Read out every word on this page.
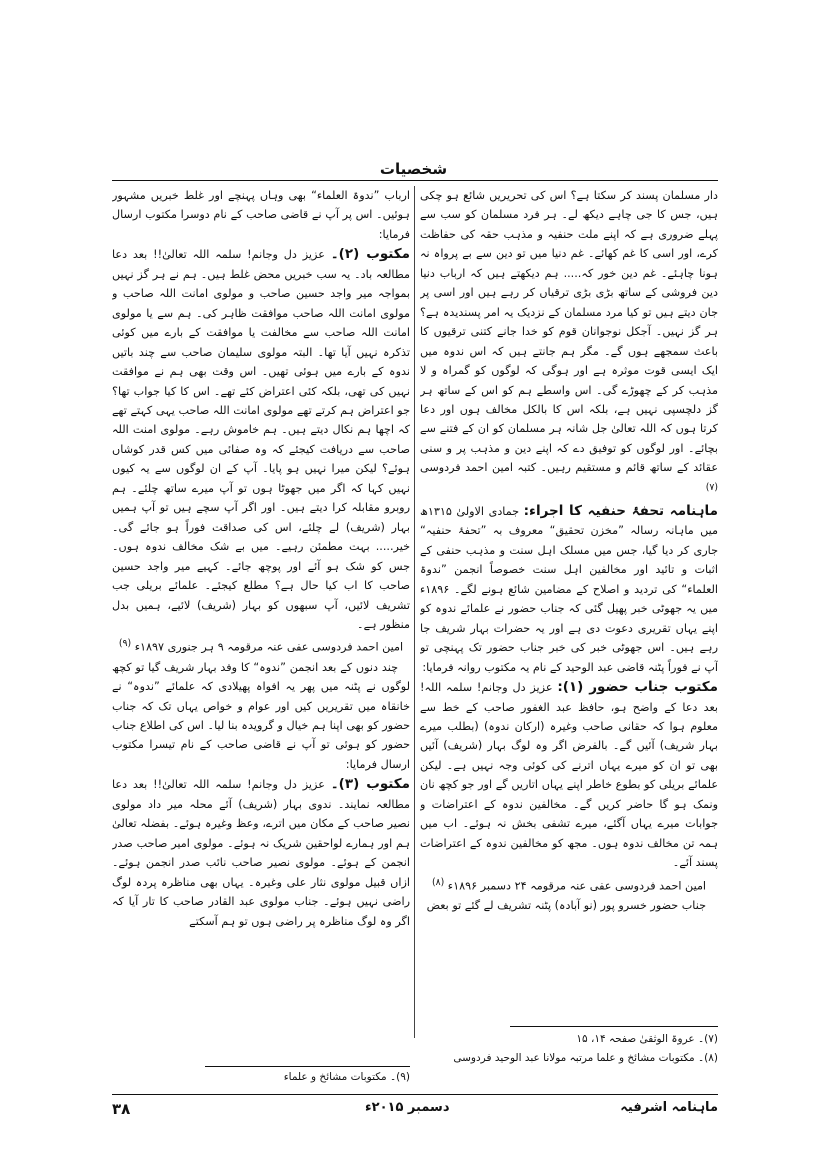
شخصیات

دار مسلمان پسند کر سکتا ہے؟ اس کی تحریریں شائع ہو چکی ہیں، جس کا جی چاہے دیکھ لے۔ ہر فرد مسلمان کو سب سے پہلے ضروری ہے کہ اپنے ملت حنفیہ و مذہب حقہ کی حفاظت کرے، اور اسی کا غم کھائے۔ غم دنیا میں تو دین سے بے پرواہ نہ ہونا چاہئے۔ غم دین خور کہ..... ہم دیکھتے ہیں کہ ارباب دنیا دین فروشی کے ساتھ بڑی بڑی ترقیاں کر رہے ہیں اور اسی پر جان دیتے ہیں تو کیا مرد مسلمان کے نزدیک یہ امر پسندیدہ ہے؟ ہر گز نہیں۔ آجکل نوجوانان قوم کو خدا جانے کتنی ترقیوں کا باعث سمجھے ہوں گے۔ مگر ہم جانتے ہیں کہ اس ندوہ میں ایک ایسی قوت موثرہ ہے اور ہوگی کہ لوگوں کو گمراہ و لا مذہب کر کے چھوڑے گی۔ اس واسطے ہم کو اس کے ساتھ ہر گز دلچسپی نہیں ہے، بلکہ اس کا بالکل مخالف ہوں اور دعا کرتا ہوں کہ اللہ تعالیٰ جل شانہ ہر مسلمان کو ان کے فتنے سے بچائے۔ اور لوگوں کو توفیق دے کہ اپنے دین و مذہب پر و سنی عقائد کے ساتھ قائم و مستقیم رہیں۔ کتبہ امین احمد فردوسی $^{(۷)}$

ماہنامہ تحفۂ حنفیہ کا اجراء: جمادی الاولیٰ ۱۳۱۵ھ میں ماہانہ رسالہ ”مخزن تحقیق“ معروف بہ ”تحفۂ حنفیہ“ جاری کر دیا گیا، جس میں مسلک اہل سنت و مذہب حنفی کے اثبات و تائید اور مخالفین اہل سنت خصوصاً انجمن ”ندوۃ العلماء“ کی تردید و اصلاح کے مضامین شائع ہونے لگے۔ ۱۸۹۶ء میں یہ جھوٹی خبر پھیل گئی کہ جناب حضور نے علمائے ندوہ کو اپنے یہاں تقریری دعوت دی ہے اور یہ حضرات بہار شریف جا رہے ہیں۔ اس جھوٹی خبر کی خبر جناب حضور تک پہنچی تو آپ نے فوراً پٹنہ قاضی عبد الوحید کے نام یہ مکتوب روانہ فرمایا:

مکتوب جناب حضور (۱): عزیز دل وجانم! سلمہ اللہ! بعد دعا کے واضح ہو، حافظ عبد الغفور صاحب کے خط سے معلوم ہوا کہ حقانی صاحب وغیرہ (ارکان ندوہ) (بطلب میرے بہار شریف) آئیں گے۔ بالفرض اگر وہ لوگ بہار (شریف) آئیں بھی تو ان کو میرے یہاں اترنے کی کوئی وجہ نہیں ہے۔ لیکن علمائے بریلی کو بطوع خاطر اپنے یہاں اتاریں گے اور جو کچھ نان ونمک ہو گا حاضر کریں گے۔ مخالفین ندوہ کے اعتراضات و جوابات میرے یہاں آگئے، میرے تشفی بخش نہ ہوئے۔ اب میں ہمہ تن مخالف ندوہ ہوں۔ مجھ کو مخالفین ندوہ کے اعتراضات پسند آئے۔

امین احمد فردوسی عفی عنہ مرقومہ ۲۴ دسمبر ۱۸۹۶ء $^{(۸)}$

جناب حضور خسرو پور (نو آبادہ) پٹنہ تشریف لے گئے تو بعض

(۷)۔ عروۃ الوثقیٰ صفحہ ۱۴، ۱۵
(۸)۔ مکتوبات مشائخ و علما مرتبہ مولانا عبد الوحید فردوسی

ارباب ”ندوۃ العلماء“ بھی وہاں پہنچے اور غلط خبریں مشہور ہوئیں۔ اس پر آپ نے قاضی صاحب کے نام دوسرا مکتوب ارسال فرمایا:

مکتوب (۲)۔ عزیز دل وجانم! سلمہ اللہ تعالیٰ!! بعد دعا مطالعہ باد۔ یہ سب خبریں محض غلط ہیں۔ ہم نے ہر گز نہیں بمواجہ میر واجد حسین صاحب و مولوی امانت اللہ صاحب و مولوی امانت اللہ صاحب موافقت ظاہر کی۔ ہم سے یا مولوی امانت اللہ صاحب سے مخالفت یا موافقت کے بارے میں کوئی تذکرہ نہیں آیا تھا۔ البتہ مولوی سلیمان صاحب سے چند باتیں ندوہ کے بارے میں ہوئی تھیں۔ اس وقت بھی ہم نے موافقت نہیں کی تھی، بلکہ کئی اعتراض کئے تھے۔ اس کا کیا جواب تھا؟ جو اعتراض ہم کرتے تھے مولوی امانت اللہ صاحب یہی کہتے تھے کہ اچھا ہم نکال دیتے ہیں۔ ہم خاموش رہے۔ مولوی امنت اللہ صاحب سے دریافت کیجئے کہ وہ صفائی میں کس قدر کوشاں ہوئے؟ لیکن میرا نہیں ہو پایا۔ آپ کے ان لوگوں سے یہ کیوں نہیں کہا کہ اگر میں جھوٹا ہوں تو آپ میرے ساتھ چلئے۔ ہم روبرو مقابلہ کرا دیتے ہیں۔ اور اگر آپ سچے ہیں تو آپ ہمیں بہار (شریف) لے چلئے، اس کی صداقت فوراً ہو جائے گی۔ خیر..... بہت مطمئن رہیے۔ میں بے شک مخالف ندوہ ہوں۔ جس کو شک ہو آئے اور پوچھ جائے۔ کہیے میر واجد حسین صاحب کا اب کیا حال ہے؟ مطلع کیجئے۔ علمائے بریلی جب تشریف لائیں، آپ سبھوں کو بہار (شریف) لائیے، ہمیں بدل منظور ہے۔

امین احمد فردوسی عفی عنہ مرقومہ ۹ ہر جنوری ۱۸۹۷ء $^{(۹)}$

چند دنوں کے بعد انجمن ”ندوہ“ کا وفد بہار شریف گیا تو کچھ لوگوں نے پٹنہ میں پھر یہ افواہ پھیلادی کہ علمائے ”ندوہ“ نے خانقاہ میں تقریریں کیں اور عوام و خواص یہاں تک کہ جناب حضور کو بھی اپنا ہم خیال و گرویدہ بنا لیا۔ اس کی اطلاع جناب حضور کو ہوئی تو آپ نے قاضی صاحب کے نام تیسرا مکتوب ارسال فرمایا:

مکتوب (۳)۔ عزیز دل وجانم! سلمہ اللہ تعالیٰ!! بعد دعا مطالعہ نمایند۔ ندوی بہار (شریف) آئے محلہ میر داد مولوی نصیر صاحب کے مکان میں اترے، وعظ وغیرہ ہوئے۔ بفضلہ تعالیٰ ہم اور ہمارے لواحقین شریک نہ ہوئے۔ مولوی امیر صاحب صدر انجمن کے ہوئے۔ مولوی نصیر صاحب نائب صدر انجمن ہوئے۔ ازاں قبیل مولوی نثار علی وغیرہ۔ یہاں بھی مناظرہ پردہ لوگ راضی نہیں ہوئے۔ جناب مولوی عبد القادر صاحب کا تار آیا کہ اگر وہ لوگ مناظرہ پر راضی ہوں تو ہم آسکتے

(۹)۔ مکتوبات مشائخ و علماء
ماہنامہ اشرفیہ
دسمبر ۲۰۱۵ء
۳۸
